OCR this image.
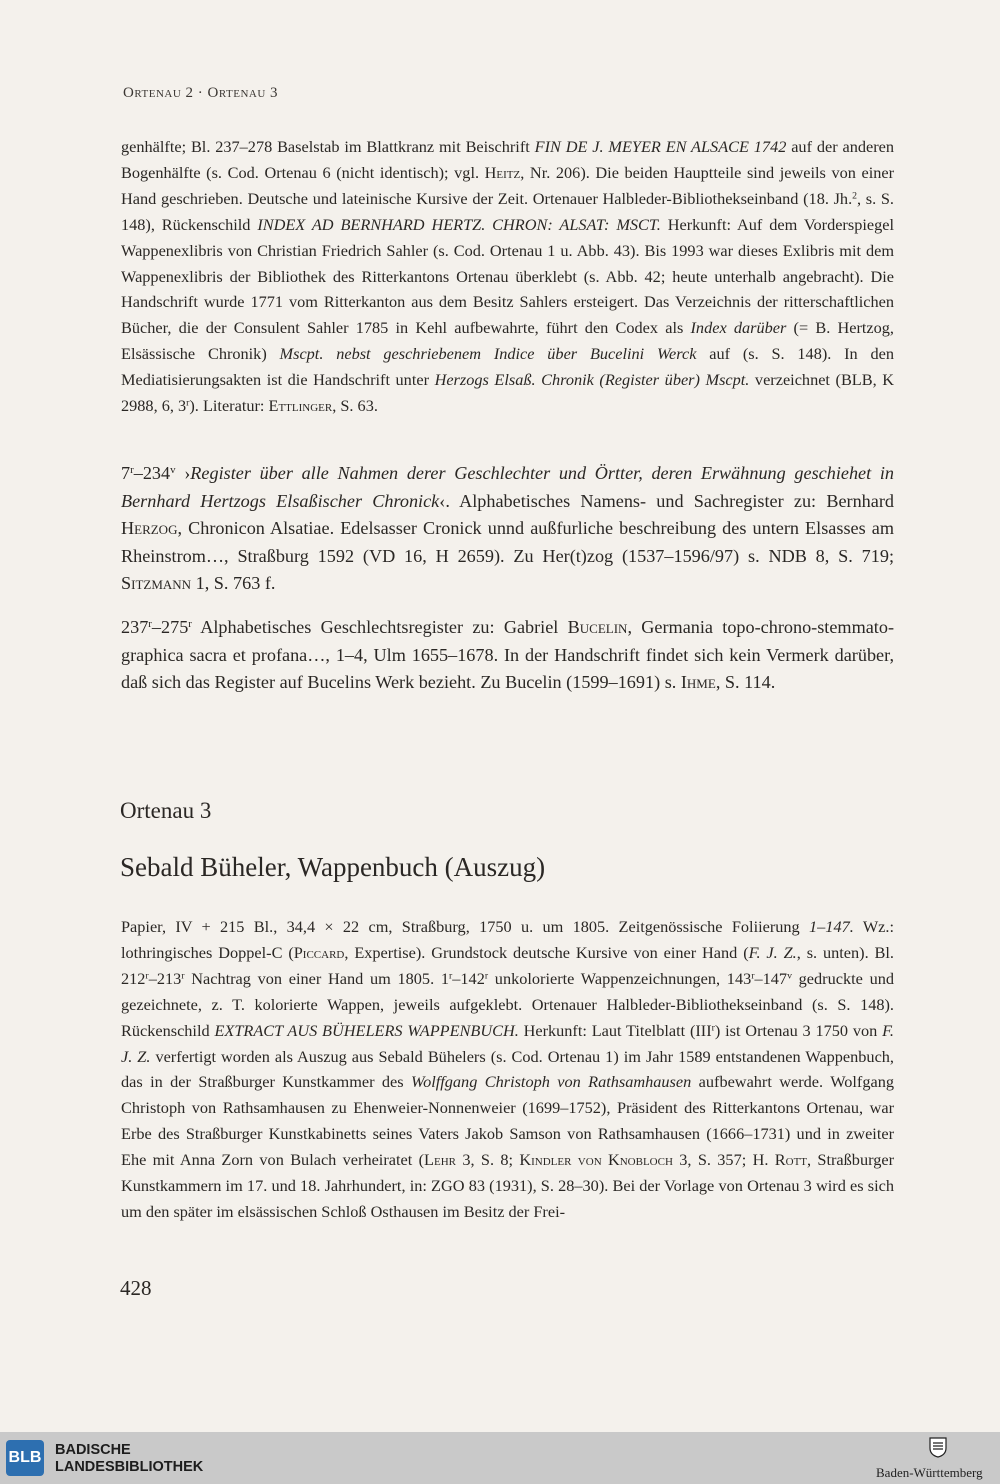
Ortenau 2 · Ortenau 3
genhälfte; Bl. 237–278 Baselstab im Blattkranz mit Beischrift FIN DE J. MEYER EN ALSACE 1742 auf der anderen Bogenhälfte (s. Cod. Ortenau 6 (nicht identisch); vgl. Heitz, Nr. 206). Die beiden Hauptteile sind jeweils von einer Hand geschrieben. Deutsche und lateinische Kursive der Zeit. Ortenauer Halbleder-Bibliothekseinband (18. Jh.$^2$, s. S. 148), Rückenschild INDEX AD BERNHARD HERTZ. CHRON: ALSAT: MSCT. Herkunft: Auf dem Vorderspiegel Wappenexlibris von Christian Friedrich Sahler (s. Cod. Ortenau 1 u. Abb. 43). Bis 1993 war dieses Exlibris mit dem Wappenexlibris der Bibliothek des Ritterkantons Ortenau überklebt (s. Abb. 42; heute unterhalb angebracht). Die Handschrift wurde 1771 vom Ritterkanton aus dem Besitz Sahlers ersteigert. Das Verzeichnis der ritterschaftlichen Bücher, die der Consulent Sahler 1785 in Kehl aufbewahrte, führt den Codex als Index darüber (= B. Hertzog, Elsässische Chronik) Mscpt. nebst geschriebenem Indice über Bucelini Werck auf (s. S. 148). In den Mediatisierungsakten ist die Handschrift unter Herzogs Elsaß. Chronik (Register über) Mscpt. verzeichnet (BLB, K 2988, 6, 3$^r$). Literatur: Ettlinger, S. 63.
7$^r$–234$^v$ ›Register über alle Nahmen derer Geschlechter und Örtter, deren Erwähnung geschiehet in Bernhard Hertzogs Elsaßischer Chronick‹. Alphabetisches Namens- und Sachregister zu: Bernhard Herzog, Chronicon Alsatiae. Edelsasser Cronick unnd außfurliche beschreibung des untern Elsasses am Rheinstrom…, Straßburg 1592 (VD 16, H 2659). Zu Her(t)zog (1537–1596/97) s. NDB 8, S. 719; Sitzmann 1, S. 763 f.
237$^r$–275$^r$ Alphabetisches Geschlechtsregister zu: Gabriel Bucelin, Germania topo-chrono-stemmato-graphica sacra et profana…, 1–4, Ulm 1655–1678. In der Handschrift findet sich kein Vermerk darüber, daß sich das Register auf Bucelins Werk bezieht. Zu Bucelin (1599–1691) s. Ihme, S. 114.
Ortenau 3
Sebald Büheler, Wappenbuch (Auszug)
Papier, IV + 215 Bl., 34,4 × 22 cm, Straßburg, 1750 u. um 1805. Zeitgenössische Foliierung 1–147. Wz.: lothringisches Doppel-C (Piccard, Expertise). Grundstock deutsche Kursive von einer Hand (F. J. Z., s. unten). Bl. 212$^r$–213$^r$ Nachtrag von einer Hand um 1805. 1$^r$–142$^r$ unkolorierte Wappenzeichnungen, 143$^r$–147$^v$ gedruckte und gezeichnete, z. T. kolorierte Wappen, jeweils aufgeklebt. Ortenauer Halbleder-Bibliothekseinband (s. S. 148). Rückenschild EXTRACT AUS BÜHELERS WAPPENBUCH. Herkunft: Laut Titelblatt (III$^r$) ist Ortenau 3 1750 von F. J. Z. verfertigt worden als Auszug aus Sebald Bühelers (s. Cod. Ortenau 1) im Jahr 1589 entstandenen Wappenbuch, das in der Straßburger Kunstkammer des Wolffgang Christoph von Rathsamhausen aufbewahrt werde. Wolfgang Christoph von Rathsamhausen zu Ehenweier-Nonnenweier (1699–1752), Präsident des Ritterkantons Ortenau, war Erbe des Straßburger Kunstkabinetts seines Vaters Jakob Samson von Rathsamhausen (1666–1731) und in zweiter Ehe mit Anna Zorn von Bulach verheiratet (Lehr 3, S. 8; Kindler von Knobloch 3, S. 357; H. Rott, Straßburger Kunstkammern im 17. und 18. Jahrhundert, in: ZGO 83 (1931), S. 28–30). Bei der Vorlage von Ortenau 3 wird es sich um den später im elsässischen Schloß Osthausen im Besitz der Frei-
428
BLB BADISCHE
LANDESBIBLIOTHEK	Baden-Württemberg
